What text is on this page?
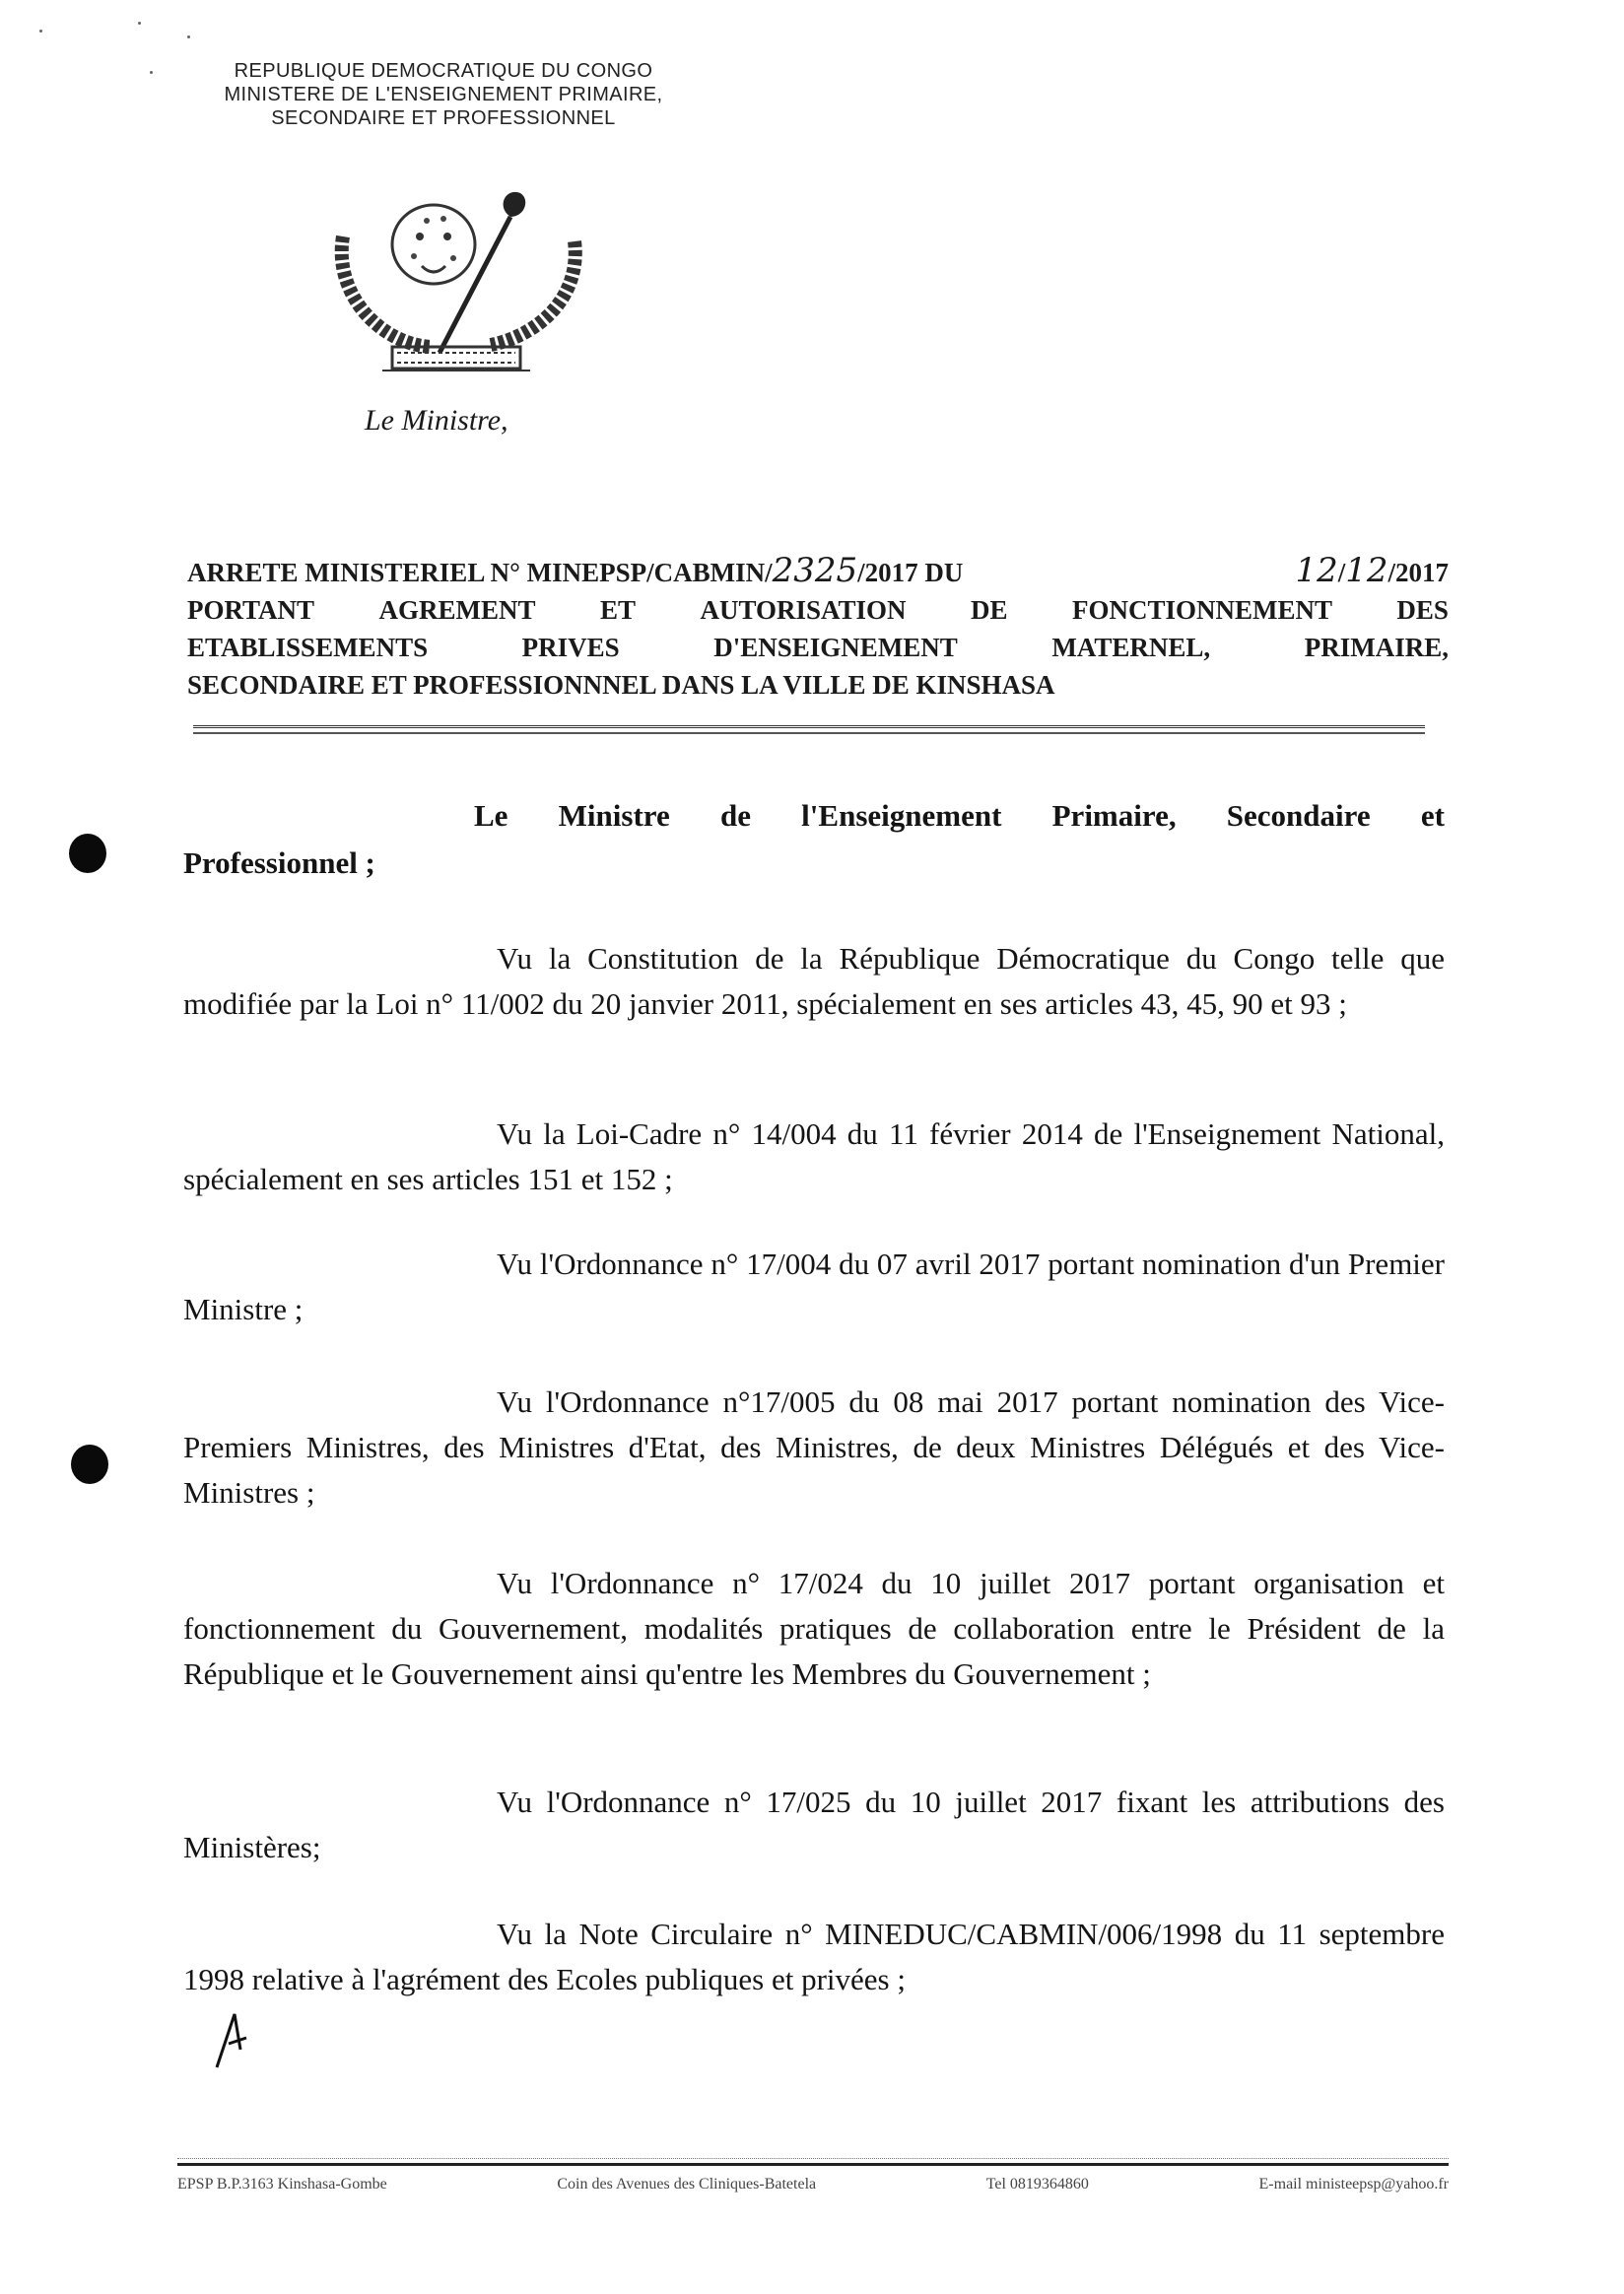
REPUBLIQUE DEMOCRATIQUE DU CONGO
MINISTERE DE L'ENSEIGNEMENT PRIMAIRE,
SECONDAIRE ET PROFESSIONNEL
Le Ministre,
ARRETE MINISTERIEL N° MINEPSP/CABMIN/2325/2017 DU	12/12/2017
PORTANT AGREMENT ET AUTORISATION DE FONCTIONNEMENT DES
ETABLISSEMENTS	PRIVES	D'ENSEIGNEMENT	MATERNEL,	PRIMAIRE,
SECONDAIRE ET PROFESSIONNNEL DANS LA VILLE DE KINSHASA
Le Ministre de l'Enseignement Primaire, Secondaire et
Professionnel ;
Vu la Constitution de la République Démocratique du Congo telle que modifiée par la Loi n° 11/002 du 20 janvier 2011, spécialement en ses articles 43, 45, 90 et 93 ;
Vu la Loi-Cadre n° 14/004 du 11 février 2014 de l'Enseignement National, spécialement en ses articles 151 et 152 ;
Vu l'Ordonnance n° 17/004 du 07 avril 2017 portant nomination d'un Premier Ministre ;
Vu l'Ordonnance n°17/005 du 08 mai 2017 portant nomination des Vice-Premiers Ministres, des Ministres d'Etat, des Ministres, de deux Ministres Délégués et des Vice-Ministres ;
Vu l'Ordonnance n° 17/024 du 10 juillet 2017 portant organisation et fonctionnement du Gouvernement, modalités pratiques de collaboration entre le Président de la République et le Gouvernement ainsi qu'entre les Membres du Gouvernement ;
Vu l'Ordonnance n° 17/025 du 10 juillet 2017 fixant les attributions des Ministères;
Vu la Note Circulaire n° MINEDUC/CABMIN/006/1998 du 11 septembre 1998 relative à l'agrément des Ecoles publiques et privées ;
EPSP B.P.3163 Kinshasa-Gombe	Coin des Avenues des Cliniques-Batetela	Tel 0819364860	E-mail ministeepsp@yahoo.fr
